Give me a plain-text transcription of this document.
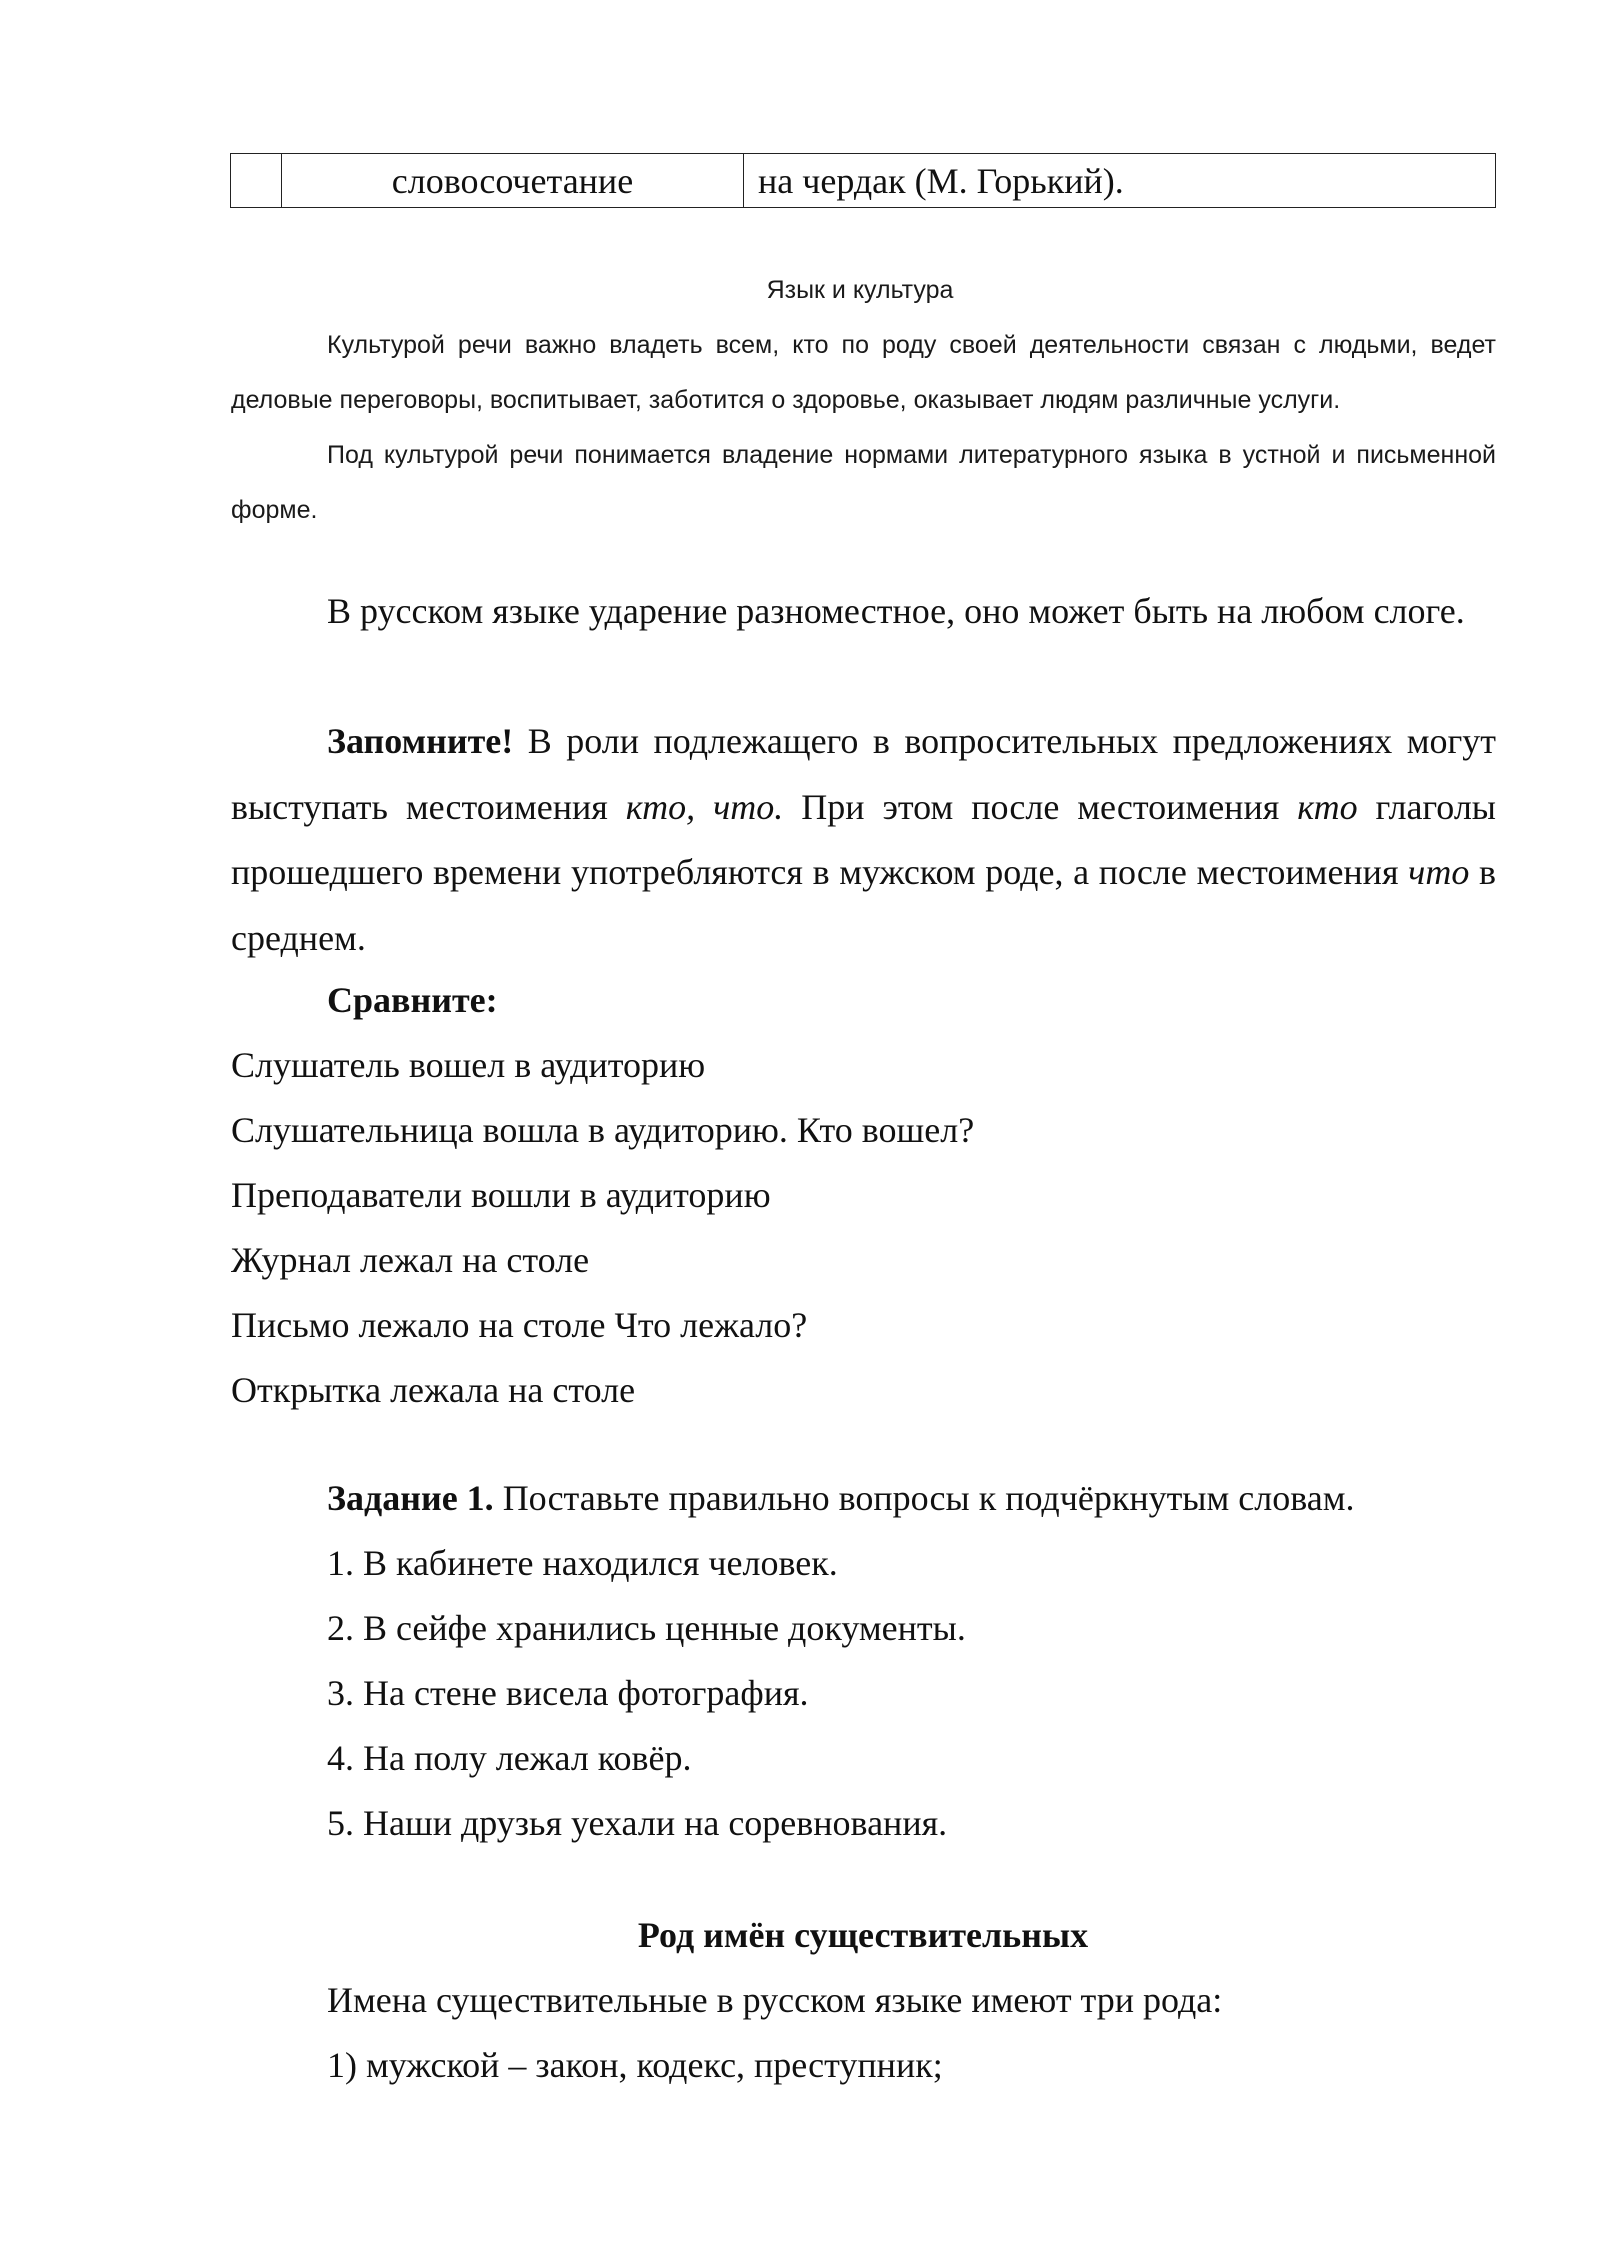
	словосочетание	на чердак (М. Горький).
Язык и культура

Культурой речи важно владеть всем, кто по роду своей деятельности связан с людьми, ведет деловые переговоры, воспитывает, заботится о здоровье, оказывает людям различные услуги.

Под культурой речи понимается владение нормами литературного языка в устной и письменной форме.

В русском языке ударение разноместное, оно может быть на любом слоге.

Запомните! В роли подлежащего в вопросительных предложениях могут выступать местоимения кто, что. При этом после местоимения кто глаголы прошедшего времени употребляются в мужском роде, а после местоимения что в среднем.

Сравните:

Слушатель вошел в аудиторию

Слушательница вошла в аудиторию. Кто вошел?

Преподаватели вошли в аудиторию

Журнал лежал на столе

Письмо лежало на столе Что лежало?

Открытка лежала на столе

Задание 1. Поставьте правильно вопросы к подчёркнутым словам.

1. В кабинете находился человек.

2. В сейфе хранились ценные документы.

3. На стене висела фотография.

4. На полу лежал ковёр.

5. Наши друзья уехали на соревнования.

Род имён существительных

Имена существительные в русском языке имеют три рода:

1) мужской – закон, кодекс, преступник;
